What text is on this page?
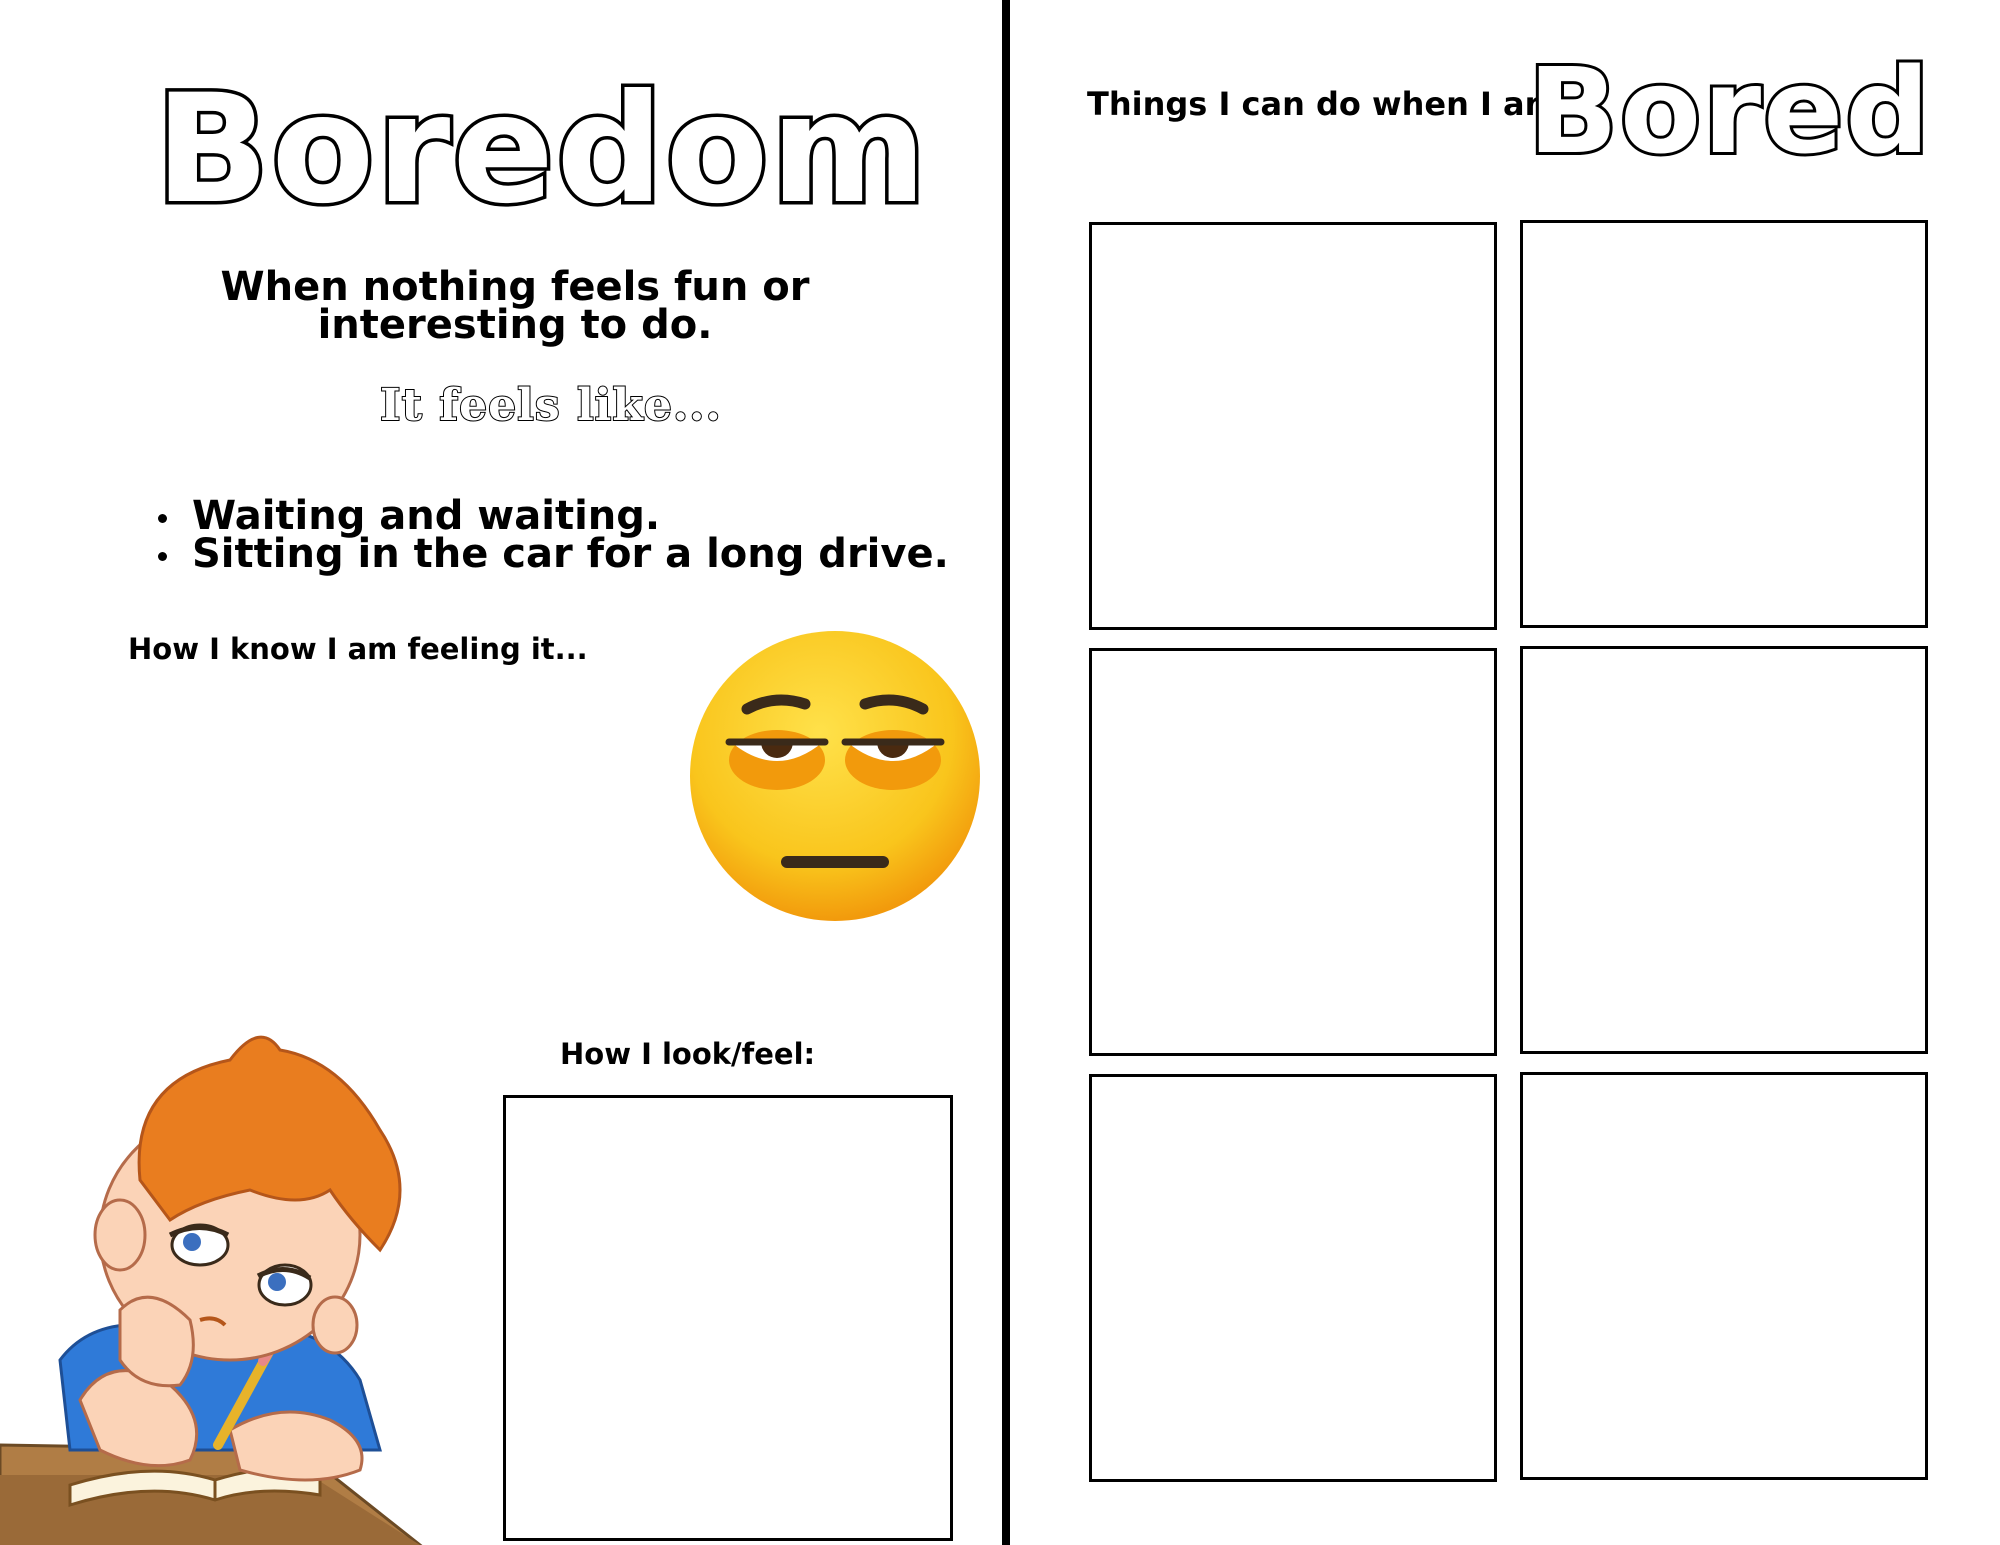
Boredom
When nothing feels fun or interesting to do.
It feels like...
Waiting and waiting.
Sitting in the car for a long drive.
How I know I am feeling it...
How I look/feel:
Things I can do when I am
Bored
